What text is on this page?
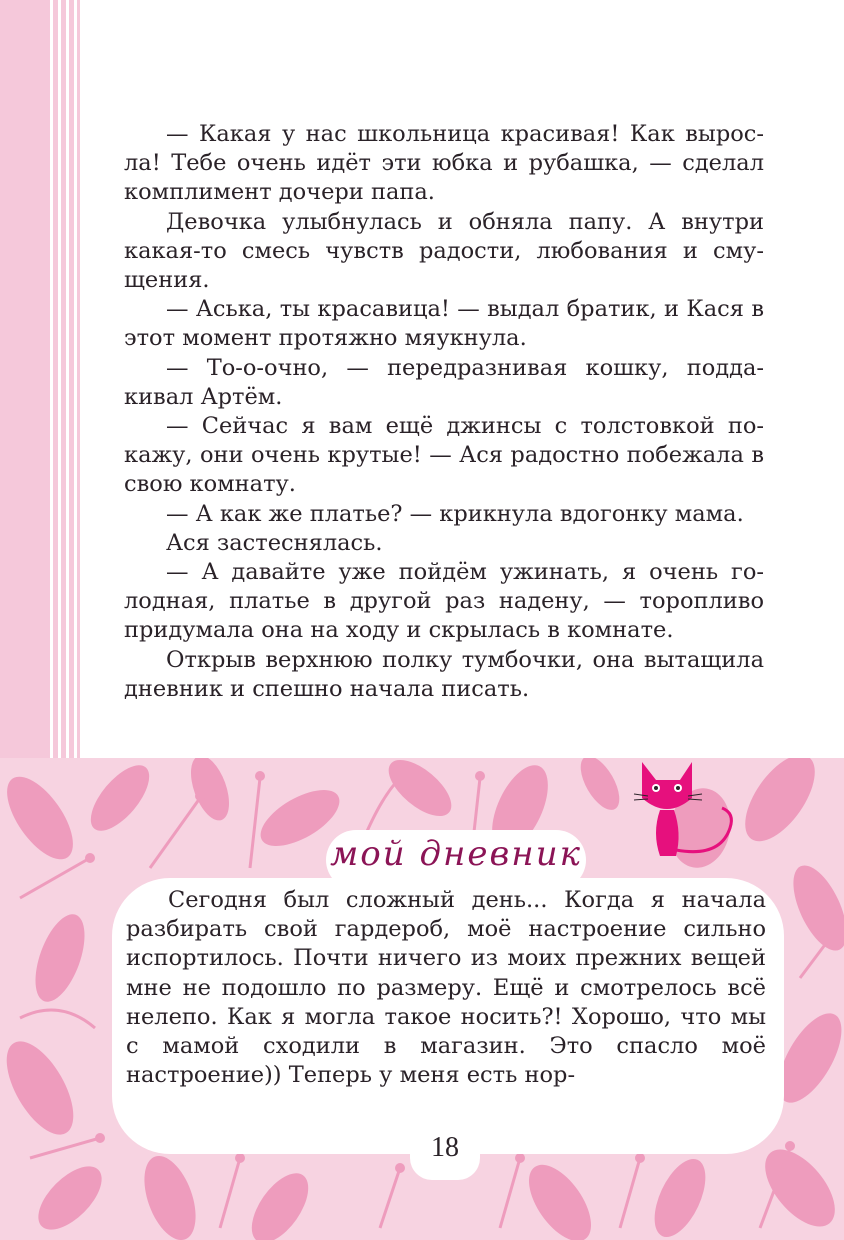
— Какая у нас школьница красивая! Как выросла! Тебе очень идёт эти юбка и рубашка, — сделал комплимент дочери папа.

Девочка улыбнулась и обняла папу. А внутри какая-то смесь чувств радости, любования и смущения.

— Аська, ты красавица! — выдал братик, и Кася в этот момент протяжно мяукнула.

— То-о-очно, — передразнивая кошку, поддакивал Артём.

— Сейчас я вам ещё джинсы с толстовкой покажу, они очень крутые! — Ася радостно побежала в свою комнату.

— А как же платье? — крикнула вдогонку мама.

Ася застеснялась.

— А давайте уже пойдём ужинать, я очень голодная, платье в другой раз надену, — торопливо придумала она на ходу и скрылась в комнате.

Открыв верхнюю полку тумбочки, она вытащила дневник и спешно начала писать.

мой дневник

Сегодня был сложный день... Когда я начала разбирать свой гардероб, моё настроение сильно испортилось. Почти ничего из моих прежних вещей мне не подошло по размеру. Ещё и смотрелось всё нелепо. Как я могла такое носить?! Хорошо, что мы с мамой сходили в магазин. Это спасло моё настроение)) Теперь у меня есть нор-

18
